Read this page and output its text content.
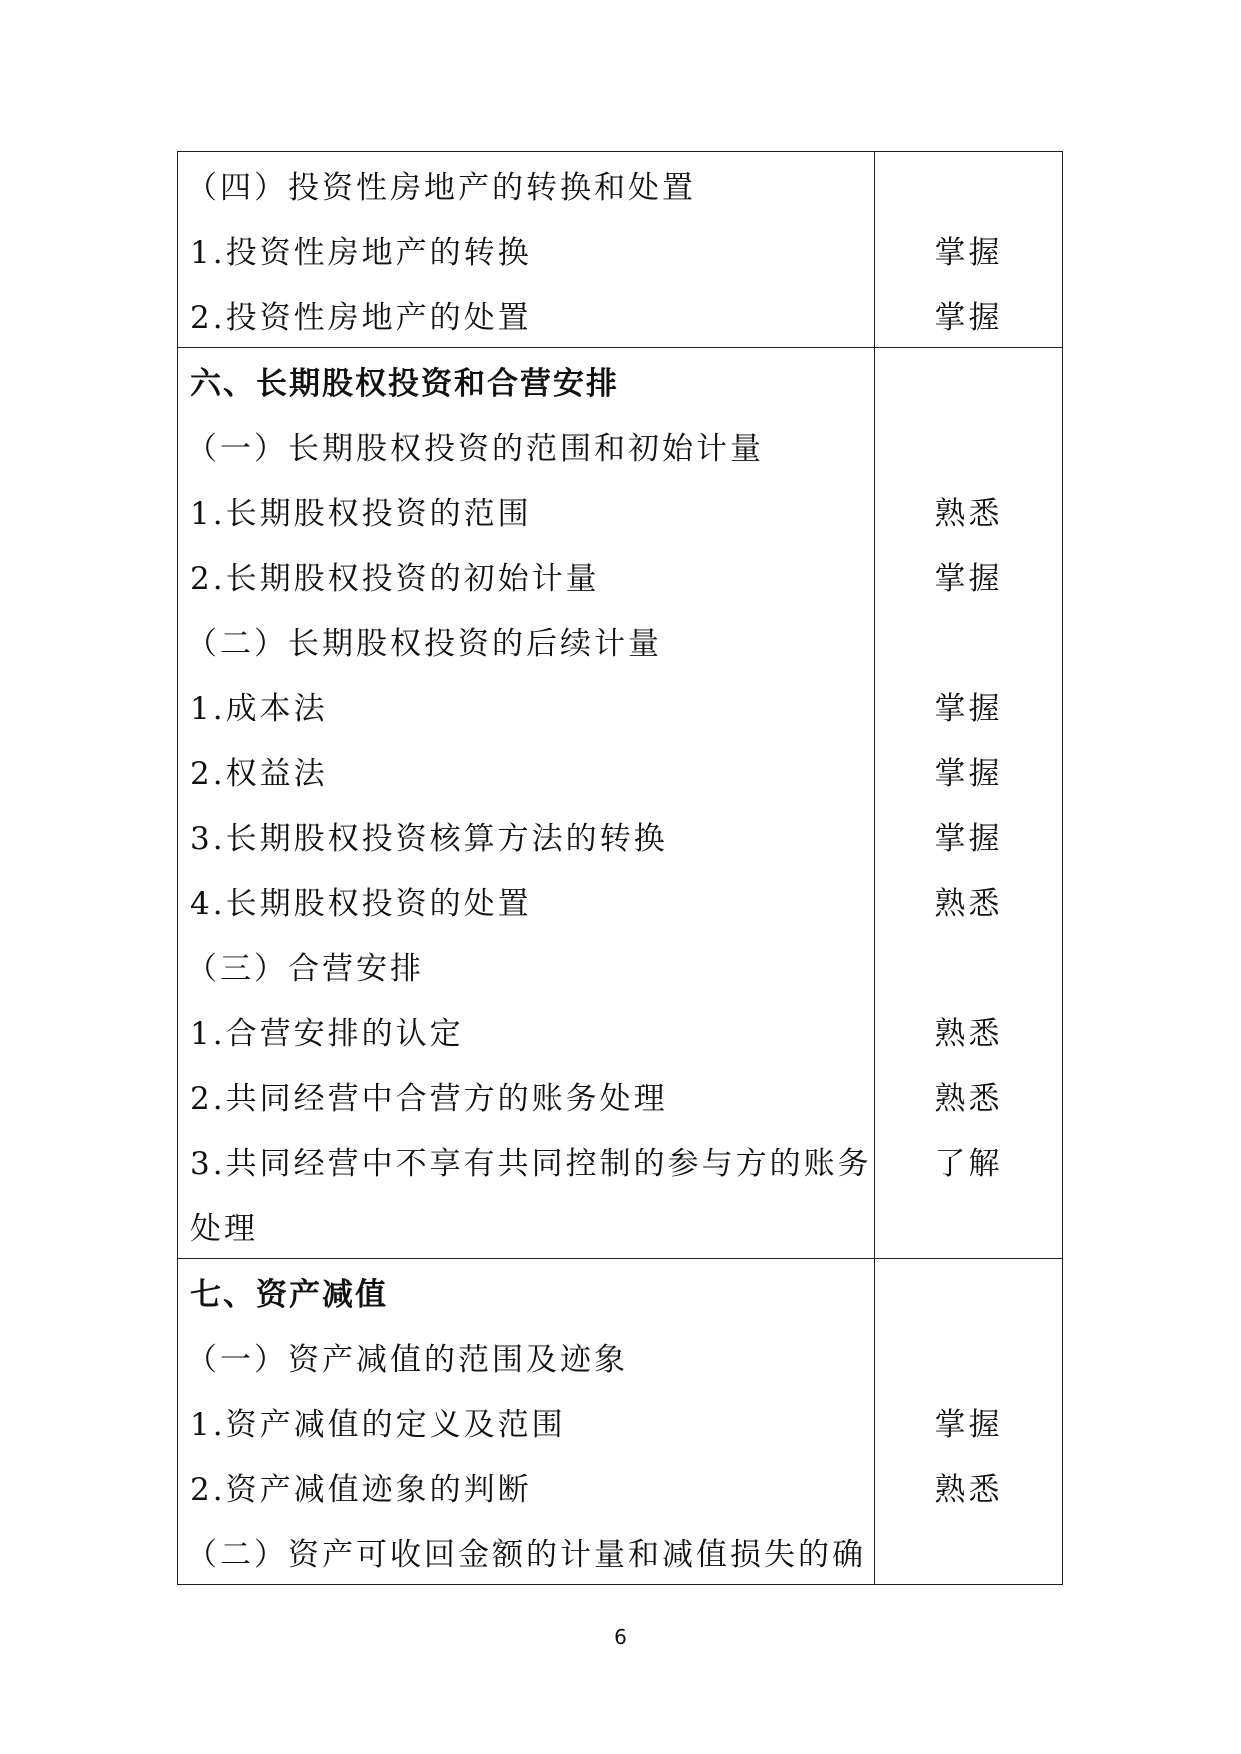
（四）投资性房地产的转换和处置
1.投资性房地产的转换
2.投资性房地产的处置
掌握
掌握
六、长期股权投资和合营安排
（一）长期股权投资的范围和初始计量
1.长期股权投资的范围
2.长期股权投资的初始计量
（二）长期股权投资的后续计量
1.成本法
2.权益法
3.长期股权投资核算方法的转换
4.长期股权投资的处置
（三）合营安排
1.合营安排的认定
2.共同经营中合营方的账务处理
3.共同经营中不享有共同控制的参与方的账务
处理
熟悉
掌握
掌握
掌握
掌握
熟悉
熟悉
熟悉
了解
七、资产减值
（一）资产减值的范围及迹象
1.资产减值的定义及范围
2.资产减值迹象的判断
（二）资产可收回金额的计量和减值损失的确
掌握
熟悉
6
